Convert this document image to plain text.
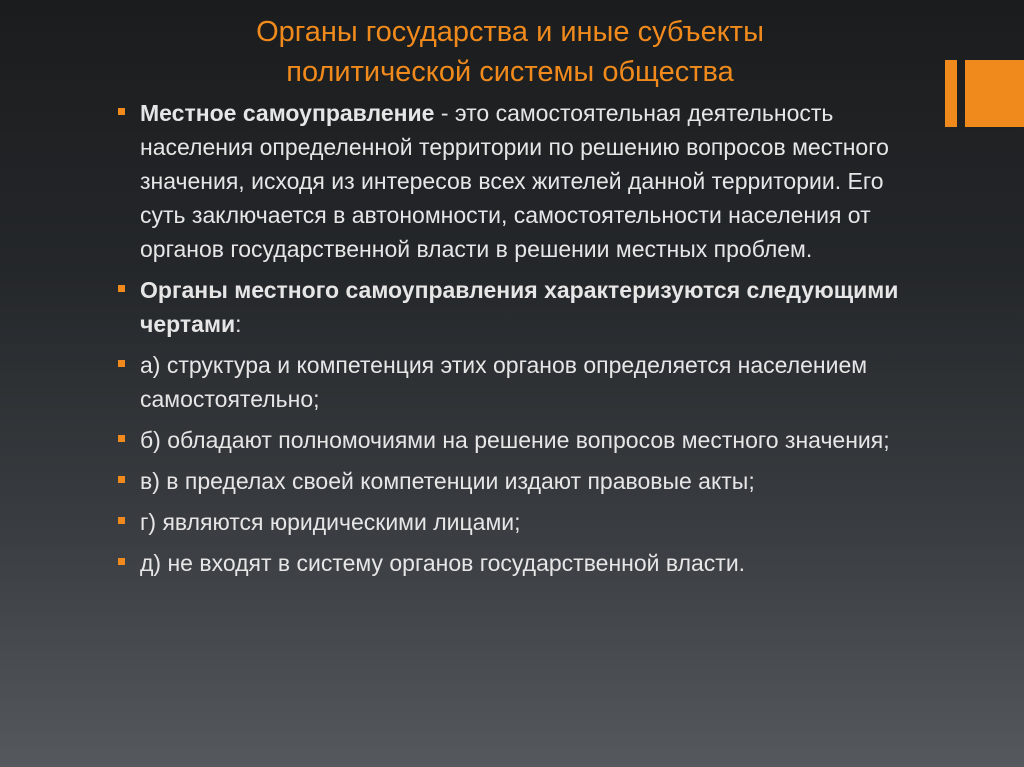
Органы государства и иные субъекты
политической системы общества
Местное самоуправление - это самостоятельная деятельность населения определенной территории по решению вопросов местного значения, исходя из интересов всех жителей данной территории. Его суть заключается в автономности, самостоятельности населения от органов государственной власти в решении местных проблем.
Органы местного самоуправления характеризуются следующими чертами:
а) структура и компетенция этих органов определяется населением самостоятельно;
б) обладают полномочиями на решение вопросов местного значения;
в) в пределах своей компетенции издают правовые акты;
г) являются юридическими лицами;
д) не входят в систему органов государственной власти.
